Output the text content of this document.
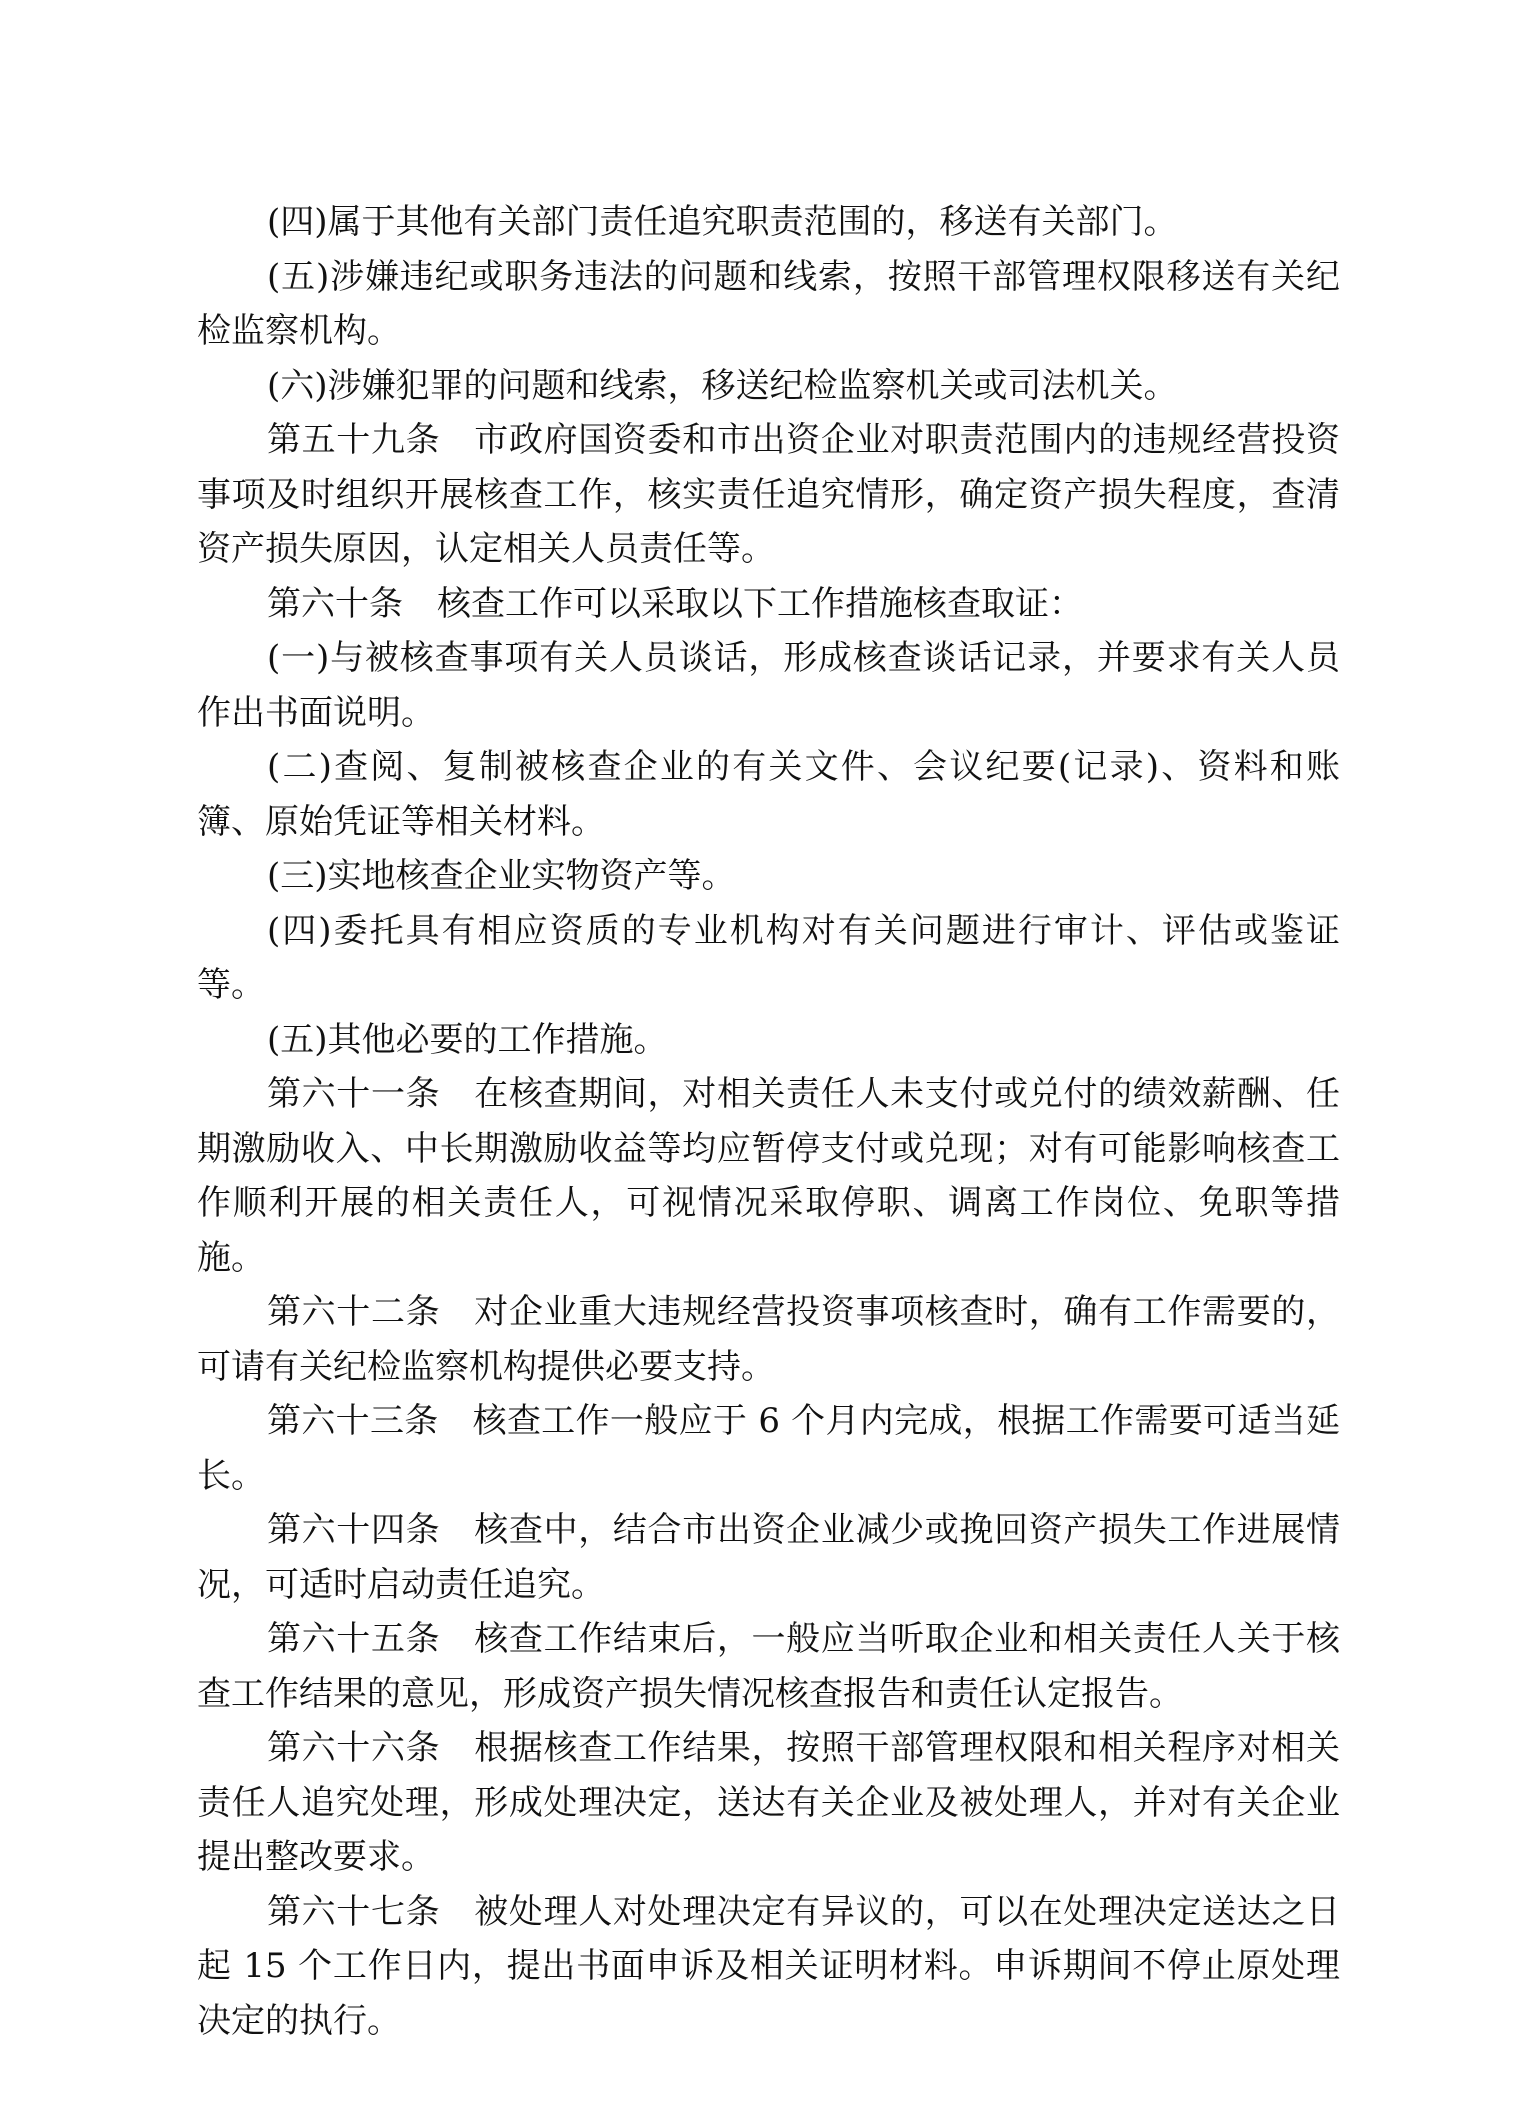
(四)属于其他有关部门责任追究职责范围的，移送有关部门。

(五)涉嫌违纪或职务违法的问题和线索，按照干部管理权限移送有关纪检监察机构。

(六)涉嫌犯罪的问题和线索，移送纪检监察机关或司法机关。

第五十九条 市政府国资委和市出资企业对职责范围内的违规经营投资事项及时组织开展核查工作，核实责任追究情形，确定资产损失程度，查清资产损失原因，认定相关人员责任等。

第六十条 核查工作可以采取以下工作措施核查取证：

(一)与被核查事项有关人员谈话，形成核查谈话记录，并要求有关人员作出书面说明。

(二)查阅、复制被核查企业的有关文件、会议纪要(记录)、资料和账簿、原始凭证等相关材料。

(三)实地核查企业实物资产等。

(四)委托具有相应资质的专业机构对有关问题进行审计、评估或鉴证等。

(五)其他必要的工作措施。

第六十一条 在核查期间，对相关责任人未支付或兑付的绩效薪酬、任期激励收入、中长期激励收益等均应暂停支付或兑现；对有可能影响核查工作顺利开展的相关责任人，可视情况采取停职、调离工作岗位、免职等措施。

第六十二条 对企业重大违规经营投资事项核查时，确有工作需要的，可请有关纪检监察机构提供必要支持。

第六十三条 核查工作一般应于 6 个月内完成，根据工作需要可适当延长。

第六十四条 核查中，结合市出资企业减少或挽回资产损失工作进展情况，可适时启动责任追究。

第六十五条 核查工作结束后，一般应当听取企业和相关责任人关于核查工作结果的意见，形成资产损失情况核查报告和责任认定报告。

第六十六条 根据核查工作结果，按照干部管理权限和相关程序对相关责任人追究处理，形成处理决定，送达有关企业及被处理人，并对有关企业提出整改要求。

第六十七条 被处理人对处理决定有异议的，可以在处理决定送达之日起 15 个工作日内，提出书面申诉及相关证明材料。申诉期间不停止原处理决定的执行。
